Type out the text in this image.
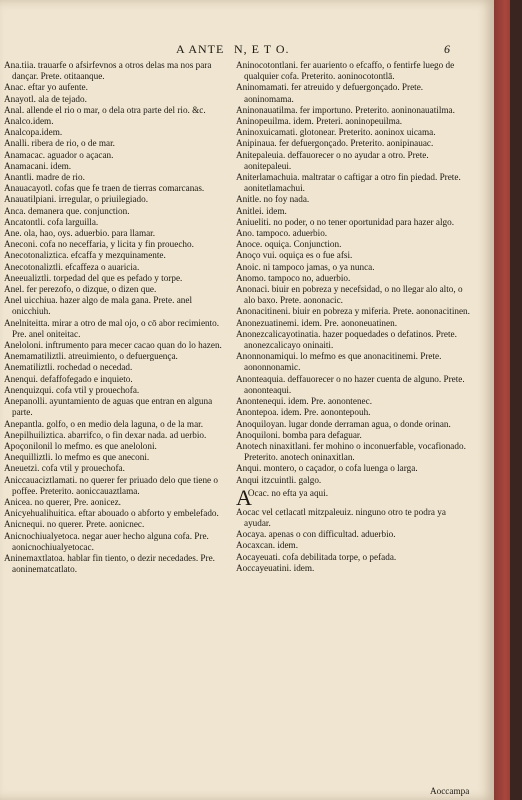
A ANTE N, E T O.	6

Ana.tiia. trauarfe o afsirfevnos a otros delas ma nos para dançar. Prete. otitaanque.

Anac. eftar yo aufente.

Anayotl. ala de tejado.

Anal. allende el rio o mar, o dela otra parte del rio. &c.

Analco.idem.

Analcopa.idem.

Analli. ribera de rio, o de mar.

Anamacac. aguador o açacan.

Anamacani. idem.

Anantli. madre de rio.

Anauacayotl. cofas que fe traen de tierras comarcanas.

Anauatilpiani. irregular, o priuilegiado.

Anca. demanera que. conjunction.

Ancatontli. cofa larguilla.

Ane. ola, hao, oys. aduerbio. para llamar.

Aneconi. cofa no neceffaria, y licita y fin prouecho.

Anecotonaliztica. efcaffa y mezquinamente.

Anecotonaliztli. efcaffeza o auaricia.

Aneeualiztli. torpedad del que es pefado y torpe.

Anel. fer perezofo, o dizque, o dizen que.

Anel uicchiua. hazer algo de mala gana. Prete. anel onicchiuh.

Anelniteitta. mirar a otro de mal ojo, o cō abor recimiento. Pre. anel oniteitac.

Aneloloni. inftrumento para mecer cacao quan do lo hazen.

Anemamatiliztli. atreuimiento, o defuerguença.

Anematiliztli. rochedad o necedad.

Anenqui. defaffofegado e inquieto.

Anenquizqui. cofa vtil y prouechofa.

Anepanolli. ayuntamiento de aguas que entran en alguna parte.

Anepantla. golfo, o en medio dela laguna, o de la mar.

Anepilhuiliztica. abarrifco, o fin dexar nada. ad uerbio.

Apoçonilonil lo mefmo. es que aneloloni.

Anequilliztli. lo mefmo es que aneconi.

Aneuetzi. cofa vtil y prouechofa.

Aniccauaciztlamati. no querer fer priuado delo que tiene o poffee. Preterito. aoniccauaztlama.

Anicea. no querer, Pre. aonicez.

Anicyehualihuitica. eftar abouado o abforto y embelefado.

Anicnequi. no querer. Prete. aonicnec.

Anicnochiualyetoca. negar auer hecho alguna cofa. Pre. aonicnochiualyetocac.

Aninemaxtlatoa. hablar fin tiento, o dezir necedades. Pre. aoninematcatlato.

Aninocotontlani. fer auariento o efcaffo, o fentirfe luego de qualquier cofa. Preterito. aoninocotontlā.

Aninomamati. fer atreuido y defuergonçado. Prete. aoninomama.

Aninonauatilma. fer importuno. Preterito. aoninonauatilma.

Aninopeuilma. idem. Preteri. aoninopeuilma.

Aninoxuicamati. glotonear. Preterito. aoninox uicama.

Anipinaua. fer defuergonçado. Preterito. aonipinauac.

Anitepaleuia. deffauorecer o no ayudar a otro. Prete. aonitepaleui.

Aniterlamachuia. maltratar o caftigar a otro fin piedad. Prete. aonitetlamachui.

Anitle. no foy nada.

Anitlei. idem.

Aniueliti. no poder, o no tener oportunidad para hazer algo.

Ano. tampoco. aduerbio.

Anoce. oquiça. Conjunction.

Anoço vui. oquiça es o fue afsi.

Anoic. ni tampoco jamas, o ya nunca.

Anomo. tampoco no, aduerbio.

Anonaci. biuir en pobreza y necefsidad, o no llegar alo alto, o alo baxo. Prete. aononacic.

Anonacitineni. biuir en pobreza y miferia. Prete. aononacitinen.

Anonezuatinemi. idem. Pre. aononeuatinen.

Anonezcalicayotinatia. hazer poquedades o defatinos. Prete. anonezcalicayo oninaiti.

Anonnonamiqui. lo mefmo es que anonacitinemi. Prete. aononnonamic.

Anonteaquia. deffauorecer o no hazer cuenta de alguno. Prete. aononteaqui.

Anontenequi. idem. Pre. aonontenec.

Anontepoa. idem. Pre. aonontepouh.

Anoquiloyan. lugar donde derraman agua, o donde orinan.

Anoquiloni. bomba para defaguar.

Anotech ninaxitlani. fer mohino o inconuerfable, vocafionado. Preterito. anotech oninaxitlan.

Anqui. montero, o caçador, o cofa luenga o larga.

Anqui itzcuintli. galgo.

A
Ocac. no efta ya aqui.

Aocac vel cetlacatl mitzpaleuiz. ninguno otro te podra ya ayudar.

Aocaya. apenas o con difficultad. aduerbio.

Aocaxcan. idem.

Aocayeuati. cofa debilitada torpe, o pefada.

Aoccayeuatini. idem.

Aoccampa
